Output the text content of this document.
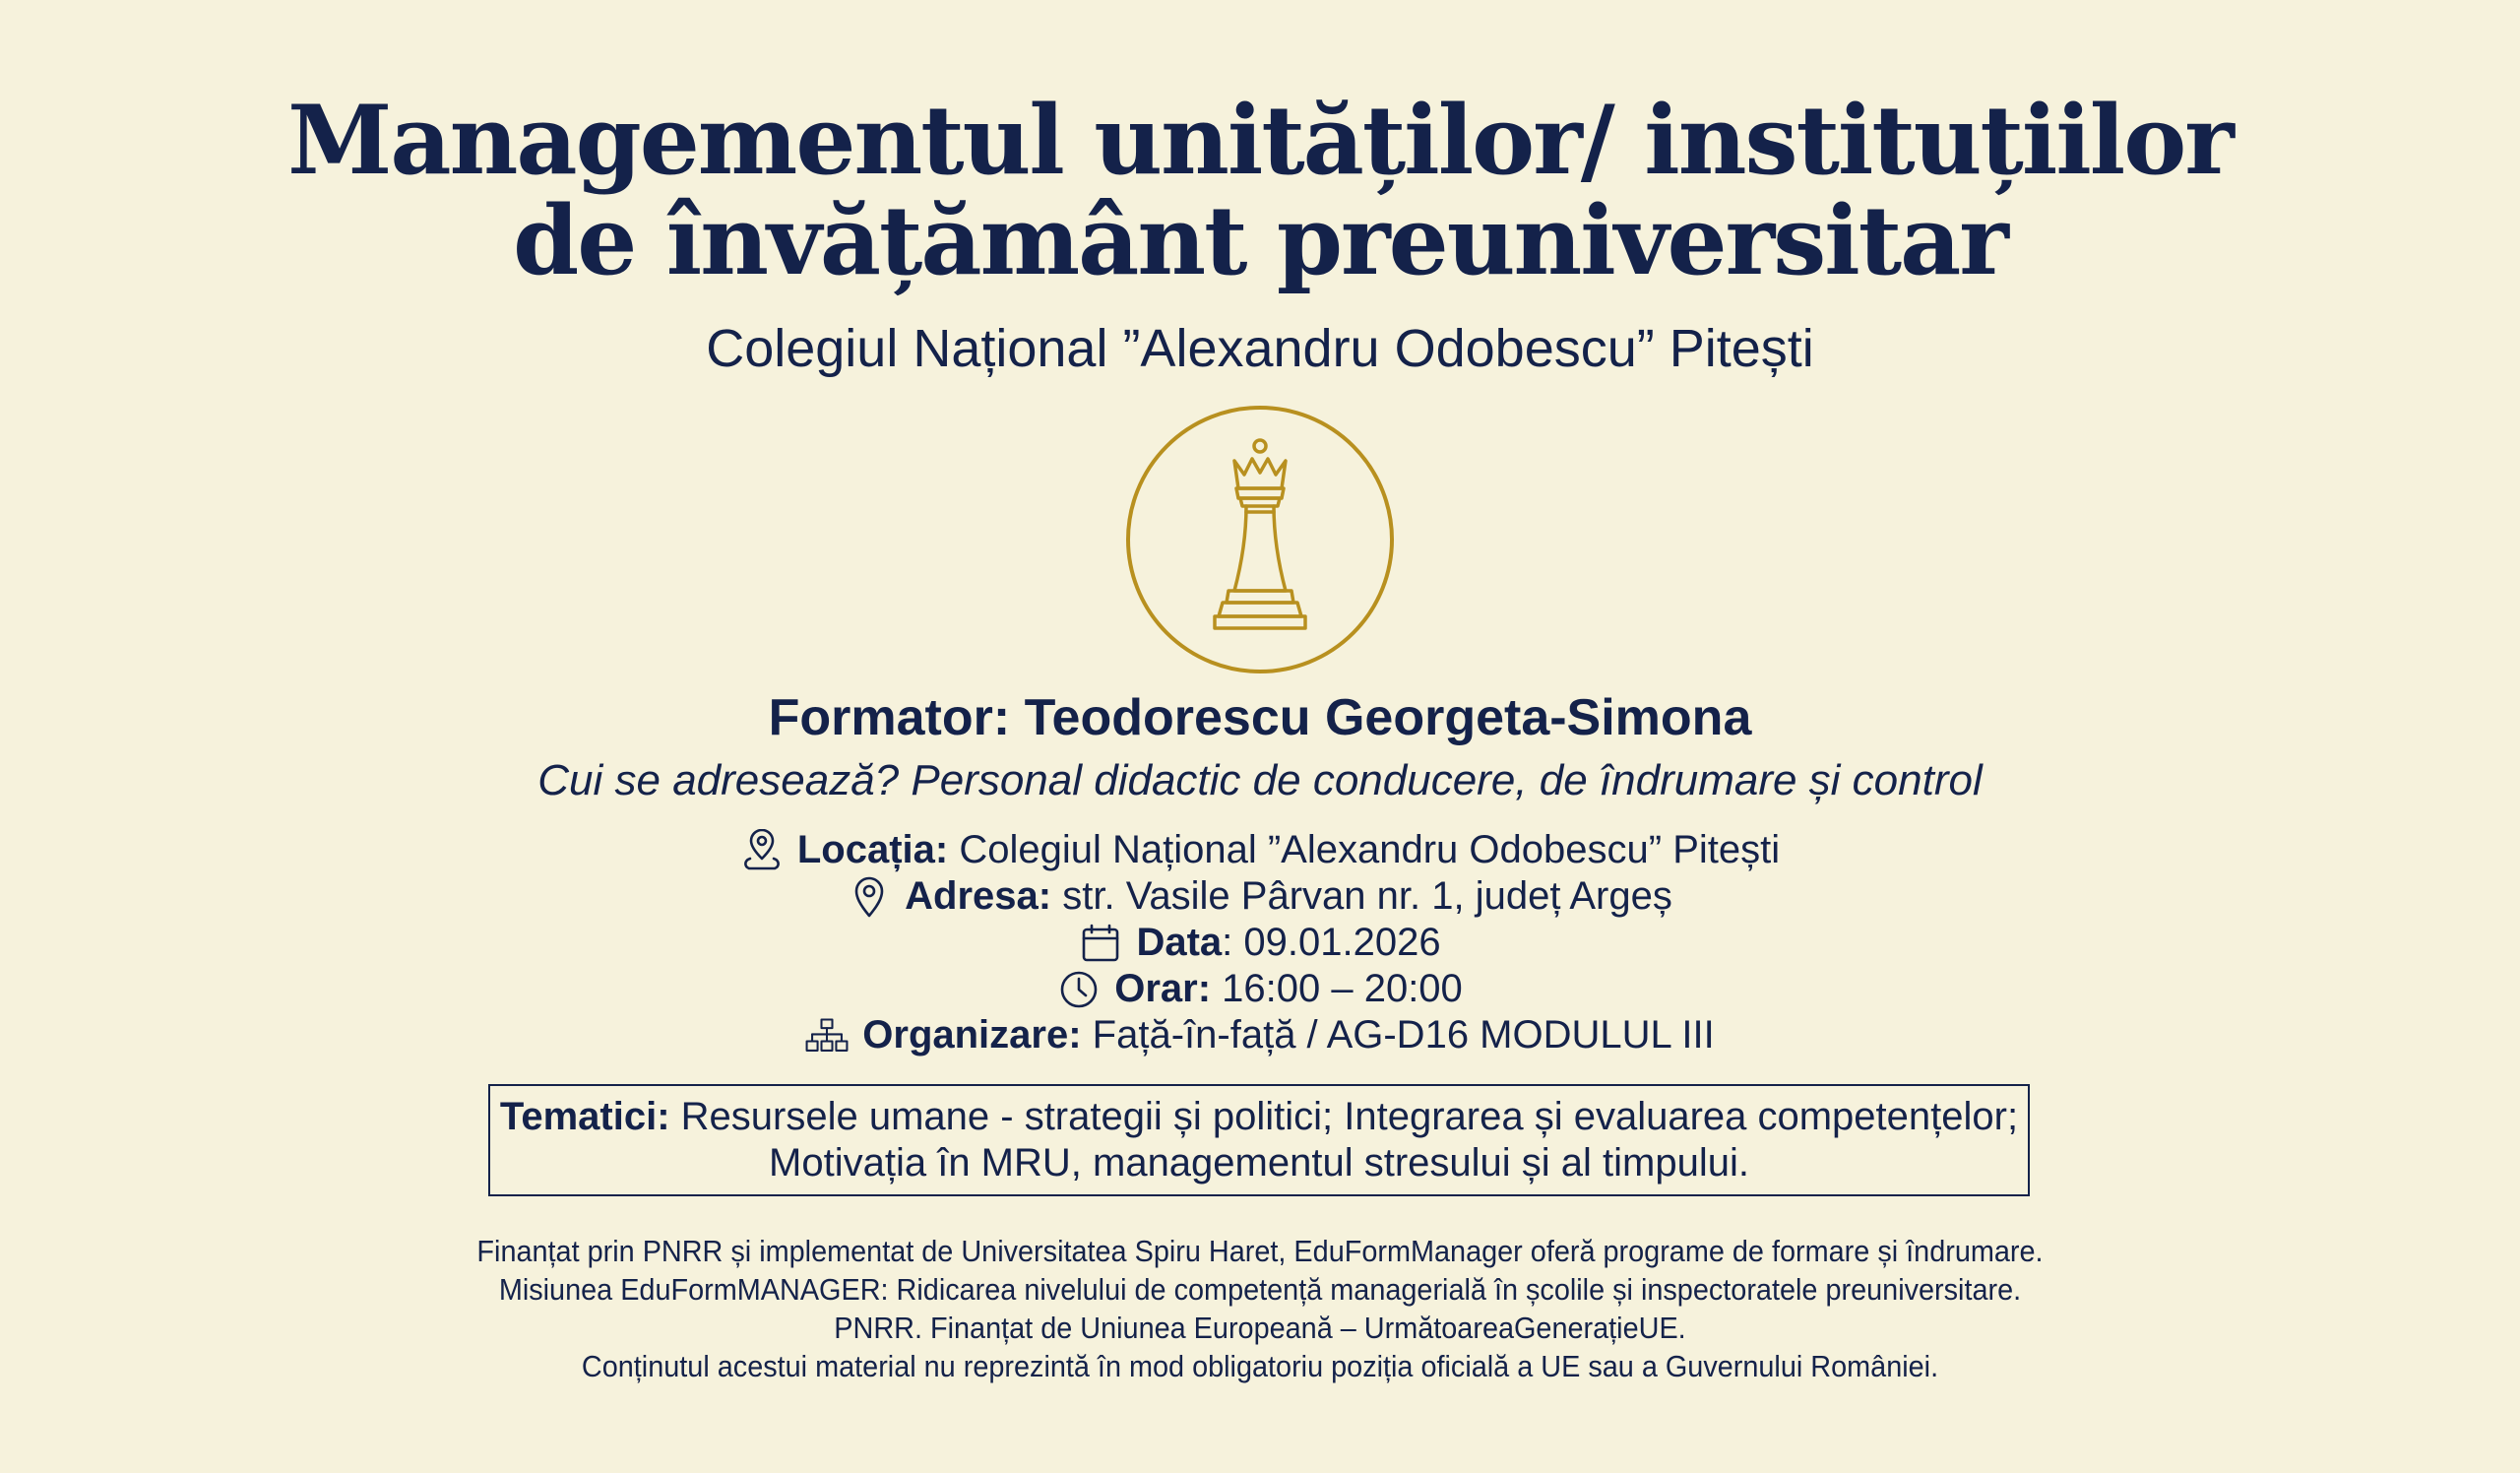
Managementul unităților/ instituțiilor
de învățământ preuniversitar
Colegiul Național ”Alexandru Odobescu” Pitești
Formator: Teodorescu Georgeta-Simona
Cui se adresează? Personal didactic de conducere, de îndrumare și control
Locația: Colegiul Național ”Alexandru Odobescu” Pitești
Adresa: str. Vasile Pârvan nr. 1, județ Argeș
Data: 09.01.2026
Orar: 16:00 – 20:00
Organizare: Față-în-față / AG-D16 MODULUL III
Tematici: Resursele umane - strategii și politici; Integrarea și evaluarea competențelor;
Motivația în MRU, managementul stresului și al timpului.
Finanțat prin PNRR și implementat de Universitatea Spiru Haret, EduFormManager oferă programe de formare și îndrumare.
Misiunea EduFormMANAGER: Ridicarea nivelului de competență managerială în școlile și inspectoratele preuniversitare.
PNRR. Finanțat de Uniunea Europeană – UrmătoareaGenerațieUE.
Conținutul acestui material nu reprezintă în mod obligatoriu poziția oficială a UE sau a Guvernului României.
